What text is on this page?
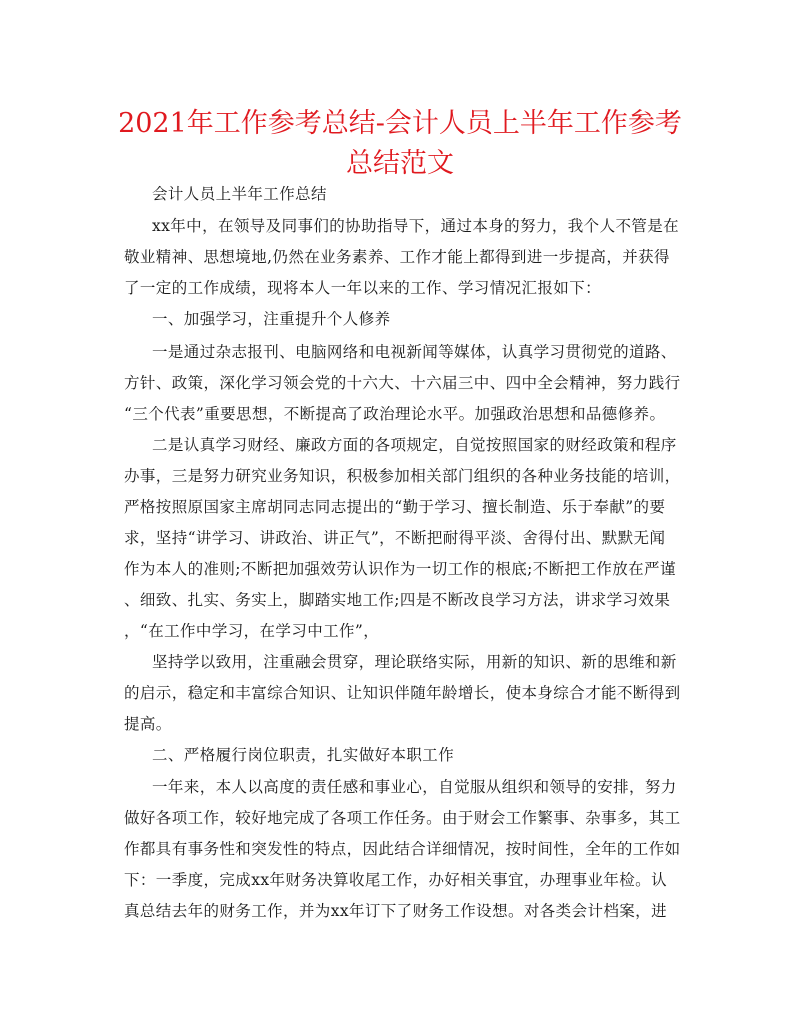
2021年工作参考总结-会计人员上半年工作参考
总结范文
会计人员上半年工作总结
xx年中，在领导及同事们的协助指导下，通过本身的努力，我个人不管是在
敬业精神、思想境地,仍然在业务素养、工作才能上都得到进一步提高，并获得
了一定的工作成绩，现将本人一年以来的工作、学习情况汇报如下：
一、加强学习，注重提升个人修养
一是通过杂志报刊、电脑网络和电视新闻等媒体，认真学习贯彻党的道路、
方针、政策，深化学习领会党的十六大、十六届三中、四中全会精神，努力践行
“三个代表”重要思想，不断提高了政治理论水平。加强政治思想和品德修养。
二是认真学习财经、廉政方面的各项规定，自觉按照国家的财经政策和程序
办事，三是努力研究业务知识，积极参加相关部门组织的各种业务技能的培训，
严格按照原国家主席胡同志同志提出的“勤于学习、擅长制造、乐于奉献”的要
求，坚持“讲学习、讲政治、讲正气”，不断把耐得平淡、舍得付出、默默无闻
作为本人的准则;不断把加强效劳认识作为一切工作的根底;不断把工作放在严谨
、细致、扎实、务实上，脚踏实地工作;四是不断改良学习方法，讲求学习效果
，“在工作中学习，在学习中工作”，
坚持学以致用，注重融会贯穿，理论联络实际，用新的知识、新的思维和新
的启示，稳定和丰富综合知识、让知识伴随年龄增长，使本身综合才能不断得到
提高。
二、严格履行岗位职责，扎实做好本职工作
一年来，本人以高度的责任感和事业心，自觉服从组织和领导的安排，努力
做好各项工作，较好地完成了各项工作任务。由于财会工作繁事、杂事多，其工
作都具有事务性和突发性的特点，因此结合详细情况，按时间性，全年的工作如
下：一季度，完成xx年财务决算收尾工作，办好相关事宜，办理事业年检。认
真总结去年的财务工作，并为xx年订下了财务工作设想。对各类会计档案，进
